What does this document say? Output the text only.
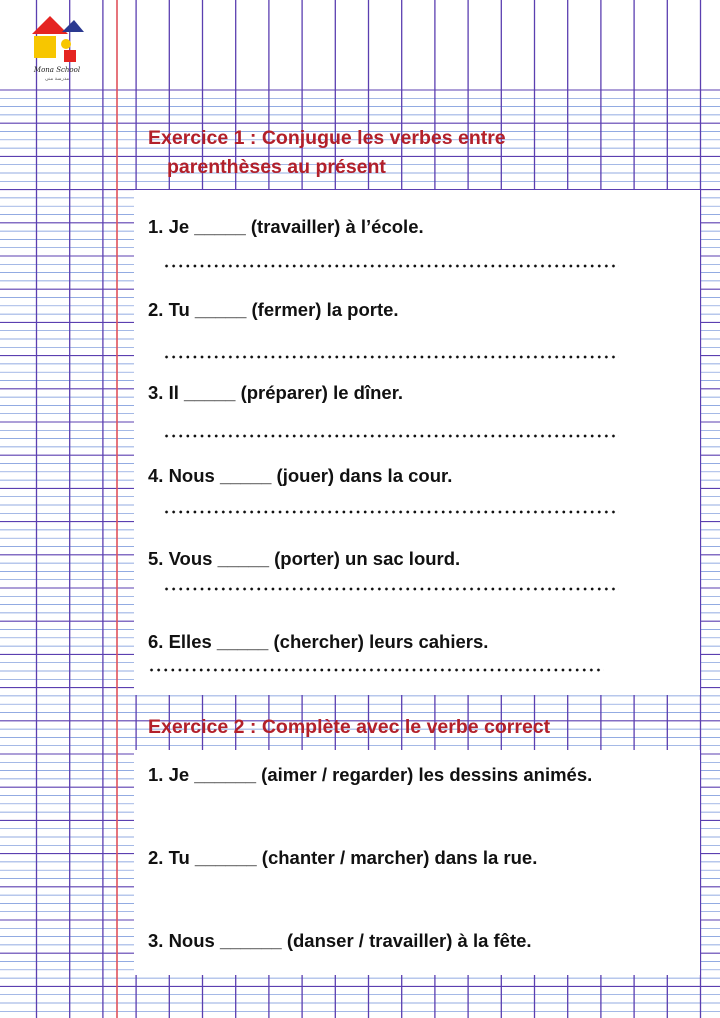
Mona School
مدرسة منى
Exercice 1 : Conjugue les verbes entre
parenthèses au présent
1. Je _____ (travailler) à l’école.
2. Tu _____ (fermer) la porte.
3. Il _____ (préparer) le dîner.
4. Nous _____ (jouer) dans la cour.
5. Vous _____ (porter) un sac lourd.
6. Elles _____ (chercher) leurs cahiers.
Exercice 2 : Complète avec le verbe correct
1. Je ______ (aimer / regarder) les dessins animés.
2. Tu ______ (chanter / marcher) dans la rue.
3. Nous ______ (danser / travailler) à la fête.
